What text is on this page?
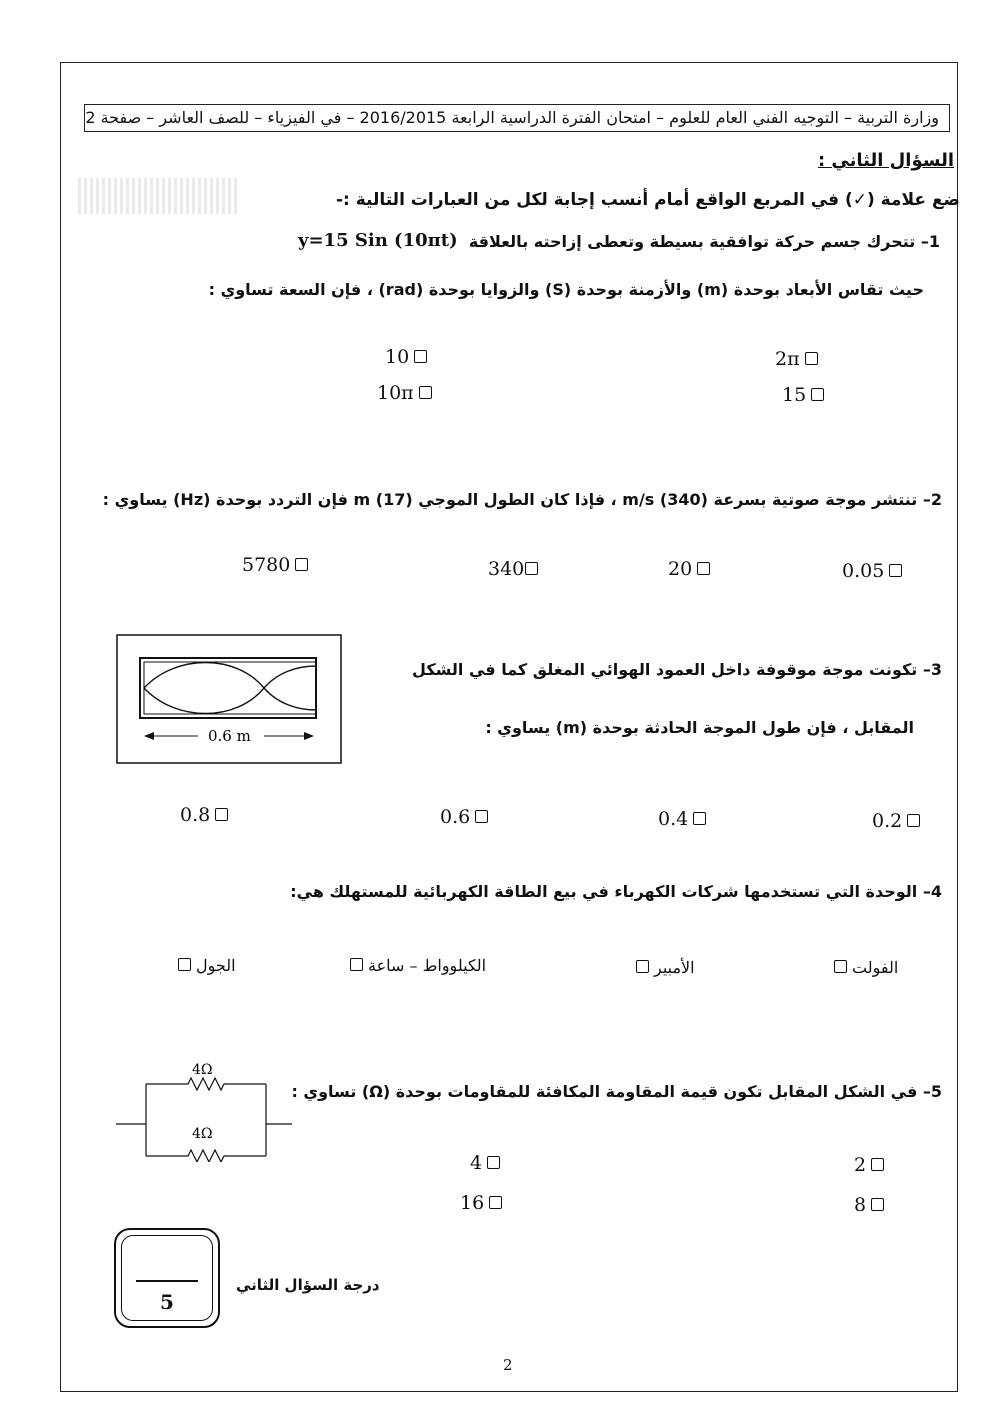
وزارة التربية – التوجيه الفني العام للعلوم – امتحان الفترة الدراسية الرابعة 2016/2015 – في الفيزياء – للصف العاشر – صفحة 2
السؤال الثاني :
ضع علامة (✓) في المربع الواقع أمام أنسب إجابة لكل من العبارات التالية :-
1– تتحرك جسم حركة توافقية بسيطة وتعطى إزاحته بالعلاقة
y=15 Sin (10πt)
حيث تقاس الأبعاد بوحدة (m) والأزمنة بوحدة (S) والزوايا بوحدة (rad) ، فإن السعة تساوي :
2π
10
15
10π
2– تنتشر موجة صوتية بسرعة (340) m/s ، فإذا كان الطول الموجي (17) m فإن التردد بوحدة (Hz) يساوي :
0.05
20
340
5780
3– تكونت موجة موقوفة داخل العمود الهوائي المغلق كما في الشكل
المقابل ، فإن طول الموجة الحادثة بوحدة (m) يساوي :
0.6 m
0.2
0.4
0.6
0.8
4– الوحدة التي تستخدمها شركات الكهرباء في بيع الطاقة الكهربائية للمستهلك هي:
الفولت
الأمبير
الكيلوواط – ساعة
الجول
5– في الشكل المقابل تكون قيمة المقاومة المكافئة للمقاومات بوحدة (Ω) تساوي :
4Ω
4Ω
2
4
8
16
5
درجة السؤال الثاني
2
